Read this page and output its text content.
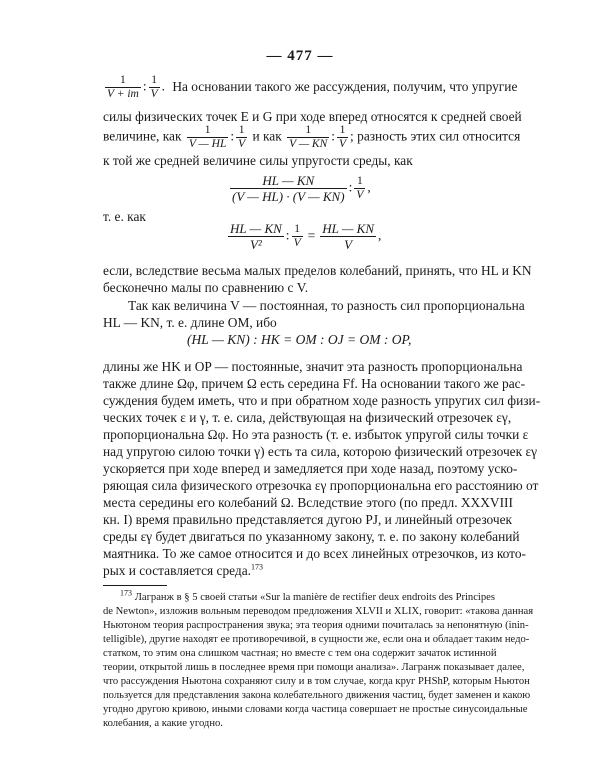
— 477 —
$\frac{1}{V + im}$ : $\frac{1}{V}$ . На основании такого же рассуждения, получим, что упругие
силы физических точек E и G при ходе вперед относятся к средней своей
величине, как $\frac{1}{V — HL}$ : $\frac{1}{V}$ и как $\frac{1}{V — KN}$ : $\frac{1}{V}$ ; разность этих сил относится
к той же средней величине силы упругости среды, как
$\frac{HL — KN}{(V — HL) \cdot (V — KN)}$ : $\frac{1}{V}$ ,
т. е. как
$\frac{HL — KN}{\text{V²}}$ : $\frac{1}{V} = \frac{HL — KN}{V}$ ,
если, вследствие весьма малых пределов колебаний, принять, что HL и KN
бесконечно малы по сравнению с V.
Так как величина V — постоянная, то разность сил пропорциональна
HL — KN, т. е. длине OM, ибо
(HL — KN) : HK = OM : OJ = OM : OP,
длины же HK и OP — постоянные, значит эта разность пропорциональна
также длине Ωφ, причем Ω есть середина Ff. На основании такого же рас-
суждения будем иметь, что и при обратном ходе разность упругих сил физи-
ческих точек ε и γ, т. е. сила, действующая на физический отрезочек εγ,
пропорциональна Ωφ. Но эта разность (т. е. избыток упругой силы точки ε
над упругою силою точки γ) есть та сила, которою физический отрезочек εγ
ускоряется при ходе вперед и замедляется при ходе назад, поэтому уско-
ряющая сила физического отрезочка εγ пропорциональна его расстоянию от
места середины его колебаний Ω. Вследствие этого (по предл. XXXVIII
кн. I) время правильно представляется дугою PJ, и линейный отрезочек
среды εγ будет двигаться по указанному закону, т. е. по закону колебаний
маятника. То же самое относится и до всех линейных отрезочков, из кото-
рых и составляется среда.$^{173}$
$^{173}$ Лагранж в § 5 своей статьи «Sur la manière de rectifier deux endroits des Principes
de Newton», изложив вольным переводом предложения XLVII и XLIX, говорит: «такова данная
Ньютоном теория распространения звука; эта теория одними почиталась за непонятную (inin-
telligible), другие находят ее противоречивой, в сущности же, если она и обладает таким недо-
статком, то этим она слишком частная; но вместе с тем она содержит зачаток истинной
теории, открытой лишь в последнее время при помощи анализа». Лагранж показывает далее,
что рассуждения Ньютона сохраняют силу и в том случае, когда круг PHShP, которым Ньютон
пользуется для представления закона колебательного движения частиц, будет заменен и какою
угодно другою кривою, иными словами когда частица совершает не простые синусоидальные
колебания, а какие угодно.
